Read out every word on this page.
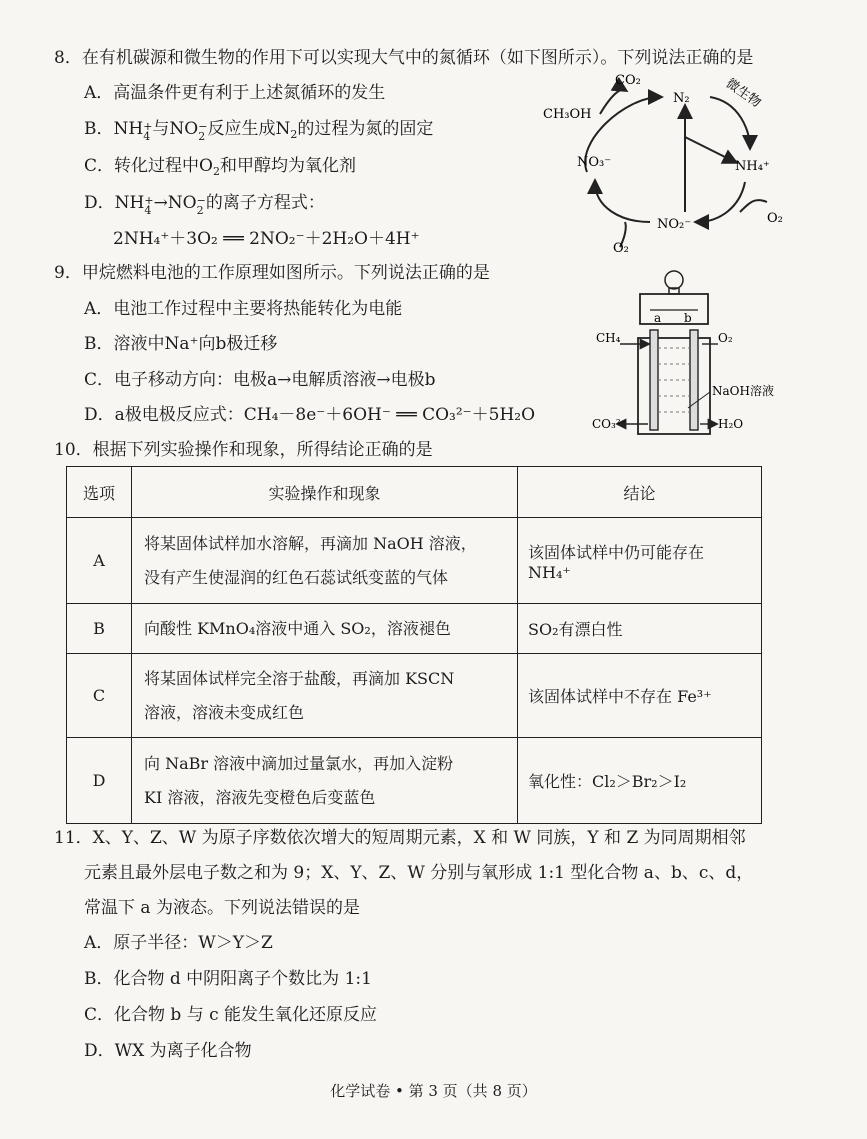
8．在有机碳源和微生物的作用下可以实现大气中的氮循环（如下图所示）。下列说法正确的是
A．高温条件更有利于上述氮循环的发生
B．NH +
4 与NO −
2 反应生成$N_2$的过程为氮的固定
C．转化过程中$O_2$和甲醇均为氧化剂
D．NH +
4 →NO −
2 的离子方程式：
2NH₄⁺＋3O₂ ══ 2NO₂⁻＋2H₂O＋4H⁺
CO₂
N₂
CH₃OH
微生物
NO₃⁻	NH₄⁺
NO₂⁻	O₂
O₂
9．甲烷燃料电池的工作原理如图所示。下列说法正确的是
A．电池工作过程中主要将热能转化为电能
B．溶液中Na⁺向b极迁移
C．电子移动方向：电极a→电解质溶液→电极b
D．a极电极反应式：CH₄－8e⁻＋6OH⁻ ══ CO₃²⁻＋5H₂O
a b
CH₄	O₂
NaOH溶液
CO₃²⁻	H₂O
10．根据下列实验操作和现象，所得结论正确的是
选项	实验操作和现象	结论
A	将某固体试样加水溶解，再滴加 NaOH 溶液，
没有产生使湿润的红色石蕊试纸变蓝的气体	该固体试样中仍可能存在 NH₄⁺
B	向酸性 KMnO₄溶液中通入 SO₂，溶液褪色	SO₂有漂白性
C	将某固体试样完全溶于盐酸，再滴加 KSCN
溶液，溶液未变成红色	该固体试样中不存在 Fe³⁺
D	向 NaBr 溶液中滴加过量氯水，再加入淀粉
KI 溶液，溶液先变橙色后变蓝色	氧化性：Cl₂＞Br₂＞I₂
11．X、Y、Z、W 为原子序数依次增大的短周期元素，X 和 W 同族，Y 和 Z 为同周期相邻
元素且最外层电子数之和为 9；X、Y、Z、W 分别与氧形成 1:1 型化合物 a、b、c、d，
常温下 a 为液态。下列说法错误的是
A．原子半径：W＞Y＞Z
B．化合物 d 中阴阳离子个数比为 1:1
C．化合物 b 与 c 能发生氧化还原反应
D．WX 为离子化合物
化学试卷 • 第 3 页（共 8 页）
